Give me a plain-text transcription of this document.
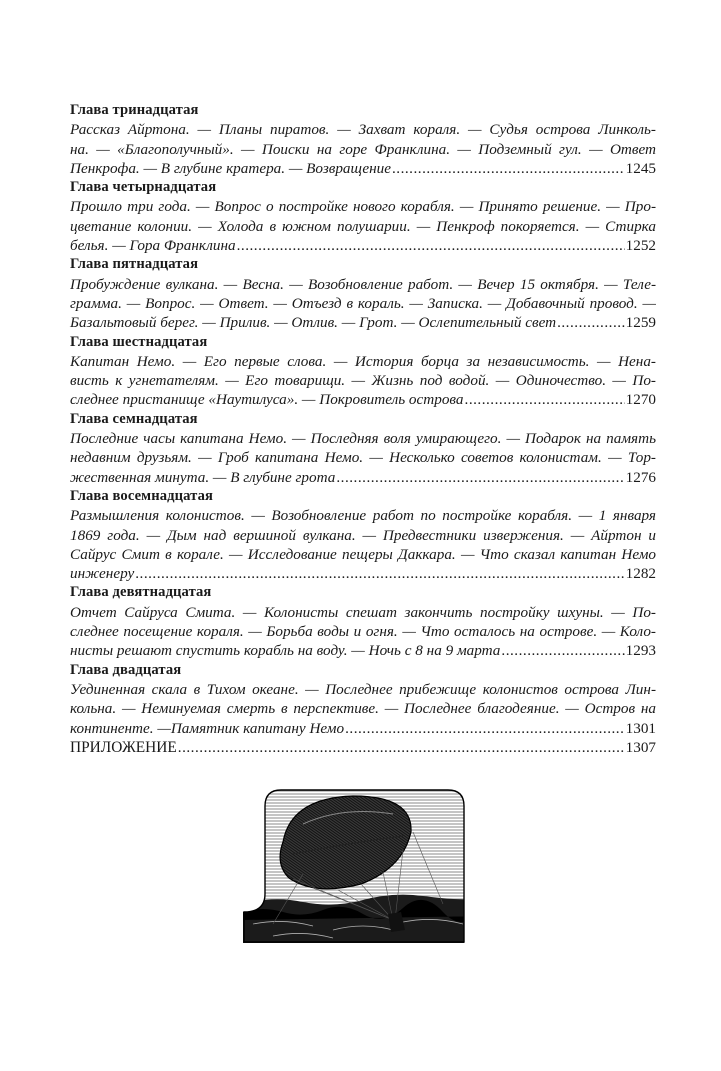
Глава тринадцатая
Рассказ Айртона. — Планы пиратов. — Захват кораля. — Судья острова Линколь-
на. — «Благополучный». — Поиски на горе Франклина. — Подземный гул. — Ответ
Пенкрофа. — В глубине кратера. — Возвращение .....	1245
Глава четырнадцатая
Прошло три года. — Вопрос о постройке нового корабля. — Принято решение. — Про-
цветание колонии. — Холода в южном полушарии. — Пенкроф покоряется. — Стирка
белья. — Гора Франклина .....	1252
Глава пятнадцатая
Пробуждение вулкана. — Весна. — Возобновление работ. — Вечер 15 октября. — Теле-
грамма. — Вопрос. — Ответ. — Отъезд в кораль. — Записка. — Добавочный провод. —
Базальтовый берег. — Прилив. — Отлив. — Грот. — Ослепительный свет .....	1259
Глава шестнадцатая
Капитан Немо. — Его первые слова. — История борца за независимость. — Нена-
висть к угнетателям. — Его товарищи. — Жизнь под водой. — Одиночество. — По-
следнее пристанище «Наутилуса». — Покровитель острова .....	1270
Глава семнадцатая
Последние часы капитана Немо. — Последняя воля умирающего. — Подарок на память
недавним друзьям. — Гроб капитана Немо. — Несколько советов колонистам. — Тор-
жественная минута. — В глубине грота .....	1276
Глава восемнадцатая
Размышления колонистов. — Возобновление работ по постройке корабля. — 1 января
1869 года. — Дым над вершиной вулкана. — Предвестники извержения. — Айртон и
Сайрус Смит в корале. — Исследование пещеры Даккара. — Что сказал капитан Немо
инженеру .....	1282
Глава девятнадцатая
Отчет Сайруса Смита. — Колонисты спешат закончить постройку шхуны. — По-
следнее посещение кораля. — Борьба воды и огня. — Что осталось на острове. — Коло-
нисты решают спустить корабль на воду. — Ночь с 8 на 9 марта .....	1293
Глава двадцатая
Уединенная скала в Тихом океане. — Последнее прибежище колонистов острова Лин-
кольна. — Неминуемая смерть в перспективе. — Последнее благодеяние. — Остров на
континенте. —Памятник капитану Немо .....	1301
ПРИЛОЖЕНИЕ .....	1307
